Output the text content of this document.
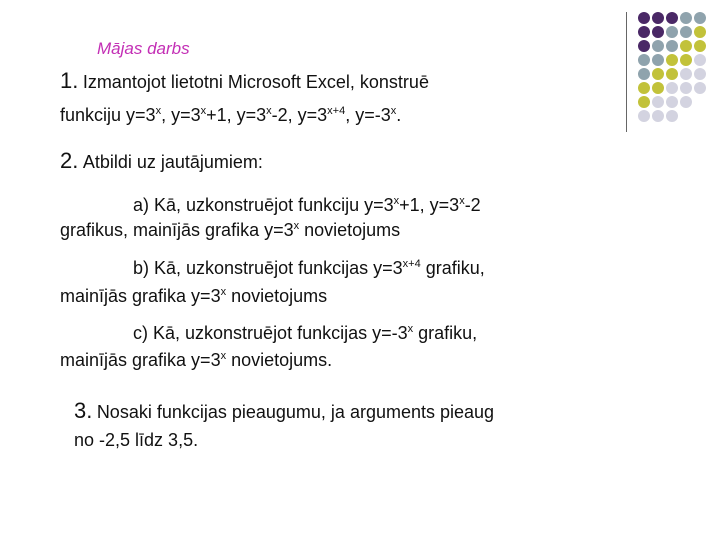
Mājas darbs
1. Izmantojot lietotni Microsoft Excel, konstruē
funkciju $y=3^x$, $y=3^x+1$, $y=3^x-2$, $y=3^{x+4}$, $y=-3^x$.
2. Atbildi uz jautājumiem:
a) Kā, uzkonstruējot funkciju $y=3^x+1$, $y=3^x-2$
grafikus, mainījās grafika $y=3^x$ novietojums
b) Kā, uzkonstruējot funkcijas $y=3^{x+4}$ grafiku,
mainījās grafika $y=3^x$ novietojums
c) Kā, uzkonstruējot funkcijas $y=-3^x$ grafiku,
mainījās grafika $y=3^x$ novietojums.
3. Nosaki funkcijas pieaugumu, ja arguments pieaug
no -2,5 līdz 3,5.
